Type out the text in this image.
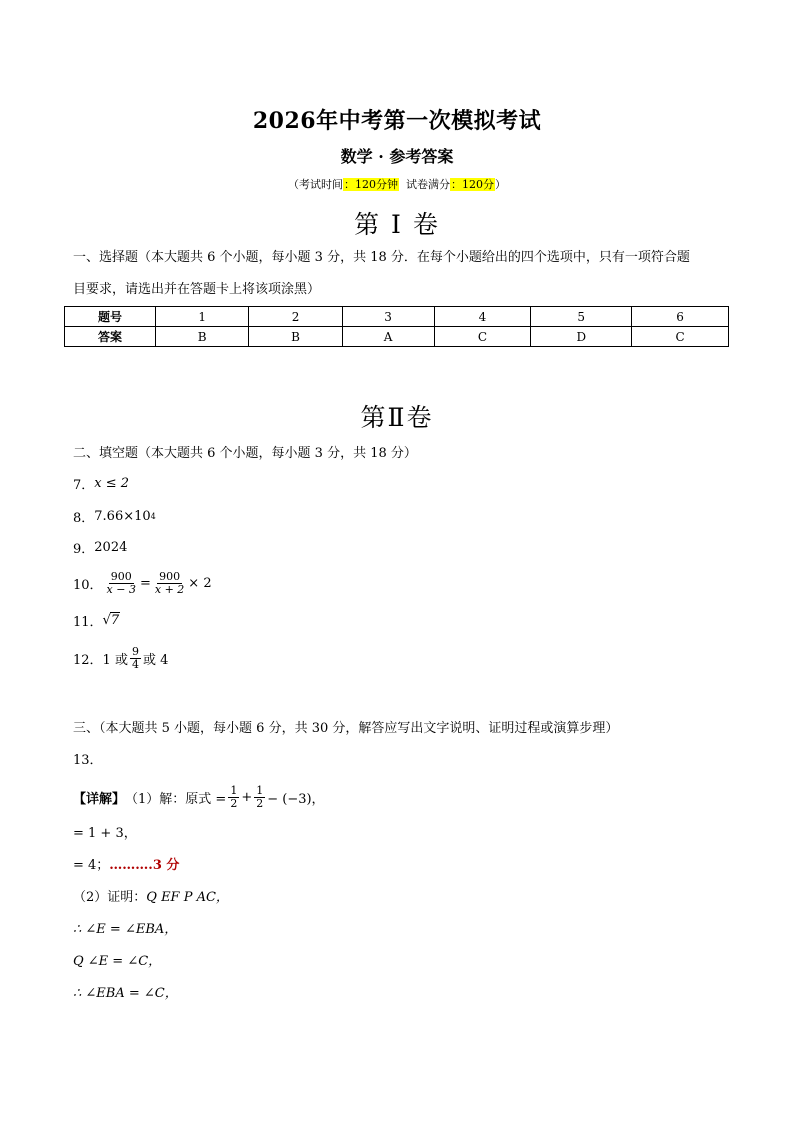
2026年中考第一次模拟考试
数学 · 参考答案
（考试时间：120分钟  试卷满分：120分）
第 I 卷
一、选择题（本大题共 6 个小题，每小题 3 分，共 18 分．在每个小题给出的四个选项中，只有一项符合题
目要求，请选出并在答题卡上将该项涂黑）
题号	1	2	3	4	5	6
答案	B	B	A	C	D	C
第Ⅱ卷
二、填空题（本大题共 6 个小题，每小题 3 分，共 18 分）
7． x ≤ 2
8． 7.66×10 4
9． 2024
10． $\frac{900}{x - 3} = \frac{900}{x + 2} \times 2$
11． √ 7
12． 1 或 $\frac{9}{4}$ 或 4
三、（本大题共 5 小题，每小题 6 分，共 30 分，解答应写出文字说明、证明过程或演算步理）
13．
【详解】 （1）解：原式 = $\frac{1}{2} + \frac{1}{2} - (-3)$，
= 1 + 3，
= 4； ……….3 分
（2）证明： Q EF P AC，
∴ ∠E = ∠EBA，
Q ∠E = ∠C，
∴ ∠EBA = ∠C，
